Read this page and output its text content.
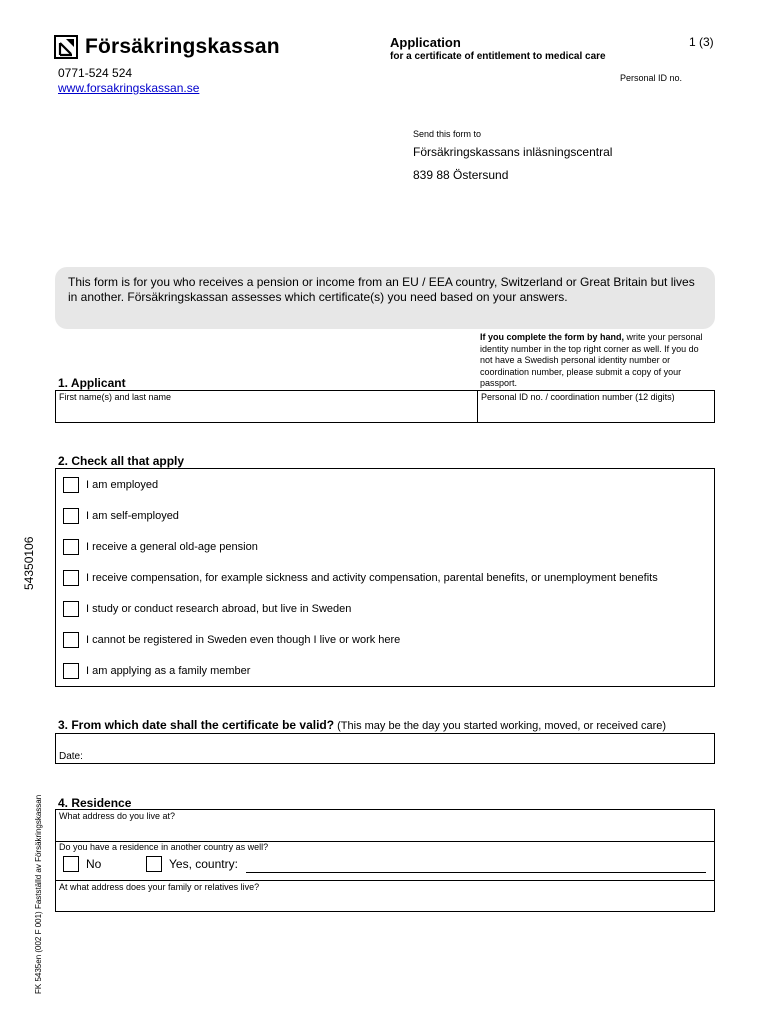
Försäkringskassan
0771-524 524
www.forsakringskassan.se
Application
for a certificate of entitlement to medical care
1 (3)
Personal ID no.
Send this form to
Försäkringskassans inläsningscentral
839 88 Östersund
This form is for you who receives a pension or income from an EU / EEA country, Switzerland or Great Britain but lives in another. Försäkringskassan assesses which certificate(s) you need based on your answers.
If you complete the form by hand, write your personal identity number in the top right corner as well. If you do not have a Swedish personal identity number or coordination number, please submit a copy of your passport.
1. Applicant
First name(s) and last name	Personal ID no. / coordination number (12 digits)
2. Check all that apply
I am employed
I am self-employed
I receive a general old-age pension
I receive compensation, for example sickness and activity compensation, parental benefits, or unemployment benefits
I study or conduct research abroad, but live in Sweden
I cannot be registered in Sweden even though I live or work here
I am applying as a family member
3. From which date shall the certificate be valid? (This may be the day you started working, moved, or received care)
Date:
4. Residence
What address do you live at?
Do you have a residence in another country as well?
At what address does your family or relatives live?
No	Yes, country:
54350106
FK 5435en (002 F 001) Fastställd av Försäkringskassan
